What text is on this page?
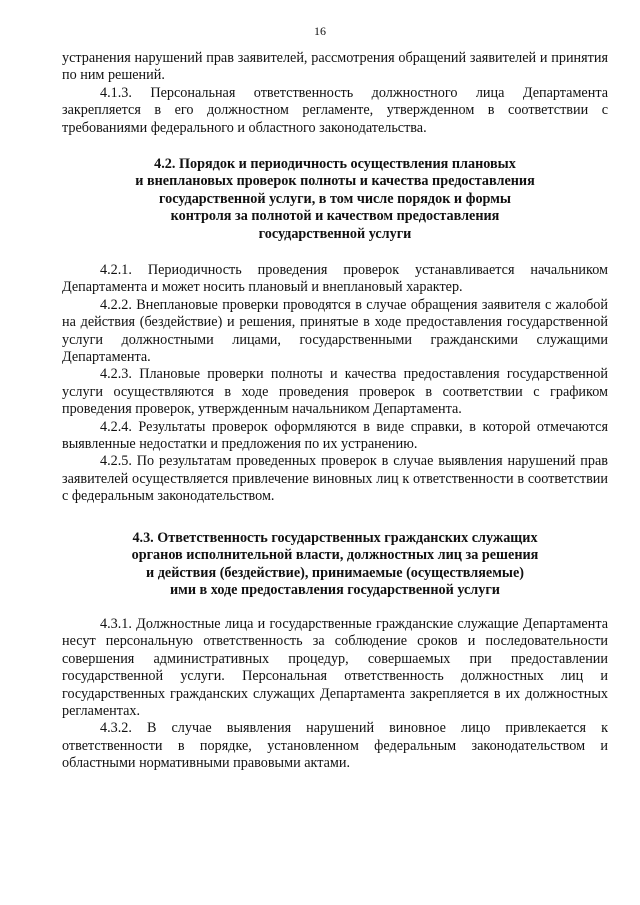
16

устранения нарушений прав заявителей, рассмотрения обращений заявителей и принятия по ним решений.

4.1.3. Персональная ответственность должностного лица Департамента закрепляется в его должностном регламенте, утвержденном в соответствии с требованиями федерального и областного законодательства.

4.2. Порядок и периодичность осуществления плановых
и внеплановых проверок полноты и качества предоставления
государственной услуги, в том числе порядок и формы
контроля за полнотой и качеством предоставления
государственной услуги

4.2.1. Периодичность проведения проверок устанавливается начальником Департамента и может носить плановый и внеплановый характер.

4.2.2. Внеплановые проверки проводятся в случае обращения заявителя с жалобой на действия (бездействие) и решения, принятые в ходе предоставления государственной услуги должностными лицами, государственными гражданскими служащими Департамента.

4.2.3. Плановые проверки полноты и качества предоставления государственной услуги осуществляются в ходе проведения проверок в соответствии с графиком проведения проверок, утвержденным начальником Департамента.

4.2.4. Результаты проверок оформляются в виде справки, в которой отмечаются выявленные недостатки и предложения по их устранению.

4.2.5. По результатам проведенных проверок в случае выявления нарушений прав заявителей осуществляется привлечение виновных лиц к ответственности в соответствии с федеральным законодательством.

4.3. Ответственность государственных гражданских служащих
органов исполнительной власти, должностных лиц за решения
и действия (бездействие), принимаемые (осуществляемые)
ими в ходе предоставления государственной услуги

4.3.1. Должностные лица и государственные гражданские служащие Департамента несут персональную ответственность за соблюдение сроков и последовательности совершения административных процедур, совершаемых при предоставлении государственной услуги. Персональная ответственность должностных лиц и государственных гражданских служащих Департамента закрепляется в их должностных регламентах.

4.3.2. В случае выявления нарушений виновное лицо привлекается к ответственности в порядке, установленном федеральным законодательством и областными нормативными правовыми актами.
